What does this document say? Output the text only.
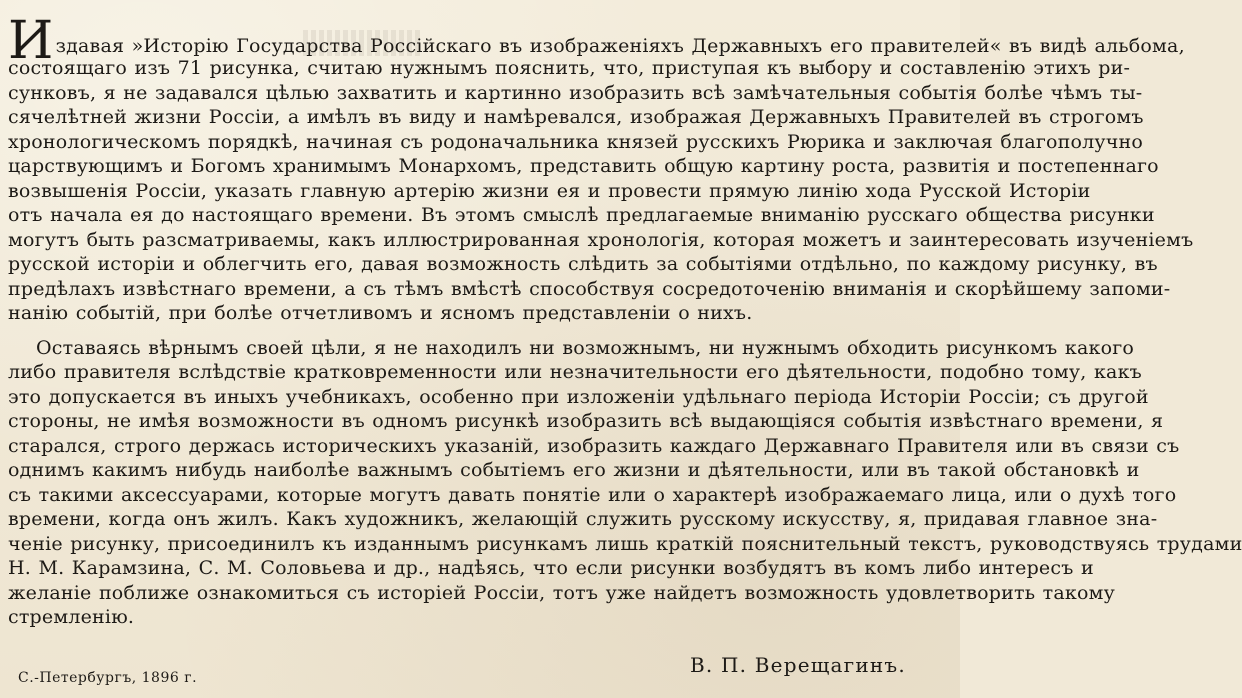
Издавая »Исторію Государства Россійскаго въ изображеніяхъ Державныхъ его правителей« въ видѣ альбома,
состоящаго изъ 71 рисунка, считаю нужнымъ пояснить, что, приступая къ выбору и составленію этихъ ри-
сунковъ, я не задавался цѣлью захватить и картинно изобразить всѣ замѣчательныя событія болѣе чѣмъ ты-
сячелѣтней жизни Россіи, а имѣлъ въ виду и намѣревался, изображая Державныхъ Правителей въ строгомъ
хронологическомъ порядкѣ, начиная съ родоначальника князей русскихъ Рюрика и заключая благополучно
царствующимъ и Богомъ хранимымъ Монархомъ, представить общую картину роста, развитія и постепеннаго
возвышенія Россіи, указать главную артерію жизни ея и провести прямую линію хода Русской Исторіи
отъ начала ея до настоящаго времени. Въ этомъ смыслѣ предлагаемые вниманію русскаго общества рисунки
могутъ быть разсматриваемы, какъ иллюстрированная хронологія, которая можетъ и заинтересовать изученіемъ
русской исторіи и облегчить его, давая возможность слѣдить за событіями отдѣльно, по каждому рисунку, въ
предѣлахъ извѣстнаго времени, а съ тѣмъ вмѣстѣ способствуя сосредоточенію вниманія и скорѣйшему запоми-
нанію событій, при болѣе отчетливомъ и ясномъ представленіи о нихъ.
Оставаясь вѣрнымъ своей цѣли, я не находилъ ни возможнымъ, ни нужнымъ обходить рисункомъ какого
либо правителя вслѣдствіе кратковременности или незначительности его дѣятельности, подобно тому, какъ
это допускается въ иныхъ учебникахъ, особенно при изложеніи удѣльнаго періода Исторіи Россіи; съ другой
стороны, не имѣя возможности въ одномъ рисункѣ изобразить всѣ выдающіяся событія извѣстнаго времени, я
старался, строго держась историческихъ указаній, изобразить каждаго Державнаго Правителя или въ связи съ
однимъ какимъ нибудь наиболѣе важнымъ событіемъ его жизни и дѣятельности, или въ такой обстановкѣ и
съ такими аксессуарами, которые могутъ давать понятіе или о характерѣ изображаемаго лица, или о духѣ того
времени, когда онъ жилъ. Какъ художникъ, желающій служить русскому искусству, я, придавая главное зна-
ченіе рисунку, присоединилъ къ изданнымъ рисункамъ лишь краткій пояснительный текстъ, руководствуясь трудами
Н. М. Карамзина, С. М. Соловьева и др., надѣясь, что если рисунки возбудятъ въ комъ либо интересъ и
желаніе поближе ознакомиться съ исторіей Россіи, тотъ уже найдетъ возможность удовлетворить такому
стремленію.
С.-Петербургъ, 1896 г.
В. П. Верещагинъ.
